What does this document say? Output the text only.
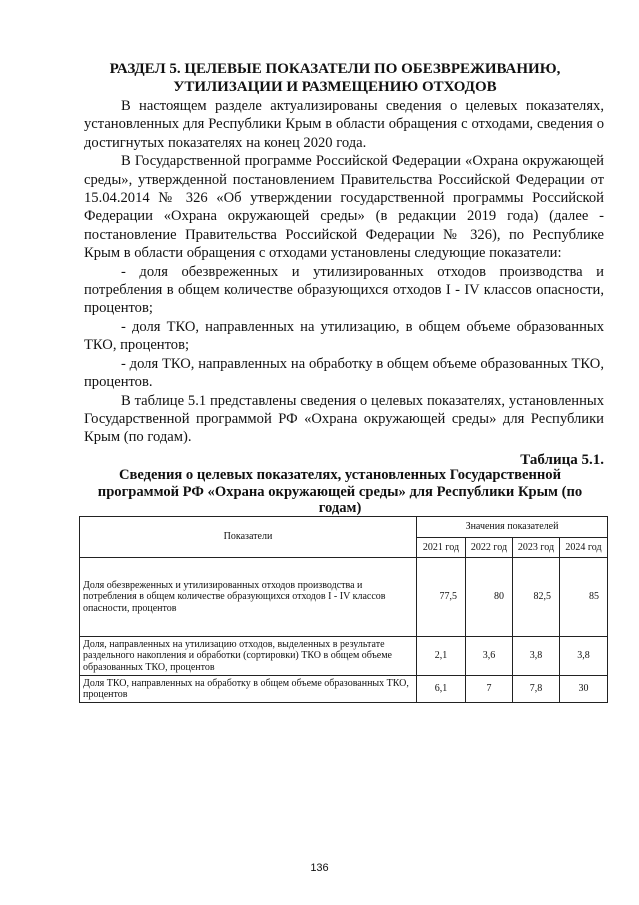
РАЗДЕЛ 5. ЦЕЛЕВЫЕ ПОКАЗАТЕЛИ ПО ОБЕЗВРЕЖИВАНИЮ,
УТИЛИЗАЦИИ И РАЗМЕЩЕНИЮ ОТХОДОВ

В настоящем разделе актуализированы сведения о целевых показателях, установленных для Республики Крым в области обращения с отходами, сведения о достигнутых показателях на конец 2020 года.

В Государственной программе Российской Федерации «Охрана окружающей среды», утвержденной постановлением Правительства Российской Федерации от 15.04.2014 № 326 «Об утверждении государственной программы Российской Федерации «Охрана окружающей среды» (в редакции 2019 года) (далее - постановление Правительства Российской Федерации № 326), по Республике Крым в области обращения с отходами установлены следующие показатели:

- доля обезвреженных и утилизированных отходов производства и потребления в общем количестве образующихся отходов I - IV классов опасности, процентов;

- доля ТКО, направленных на утилизацию, в общем объеме образованных ТКО, процентов;

- доля ТКО, направленных на обработку в общем объеме образованных ТКО, процентов.

В таблице 5.1 представлены сведения о целевых показателях, установленных Государственной программой РФ «Охрана окружающей среды» для Республики Крым (по годам).

Таблица 5.1.
Сведения о целевых показателях, установленных Государственной программой РФ «Охрана окружающей среды» для Республики Крым (по годам)
Показатели	Значения показателей			
	2021 год	2022 год	2023 год	2024 год
Доля обезвреженных и утилизированных отходов производства и потребления в общем количестве образующихся отходов I - IV классов опасности, процентов	77,5	80	82,5	85
Доля, направленных на утилизацию отходов, выделенных в результате раздельного накопления и обработки (сортировки) ТКО в общем объеме образованных ТКО, процентов	2,1	3,6	3,8	3,8
Доля ТКО, направленных на обработку в общем объеме образованных ТКО, процентов	6,1	7	7,8	30
136
